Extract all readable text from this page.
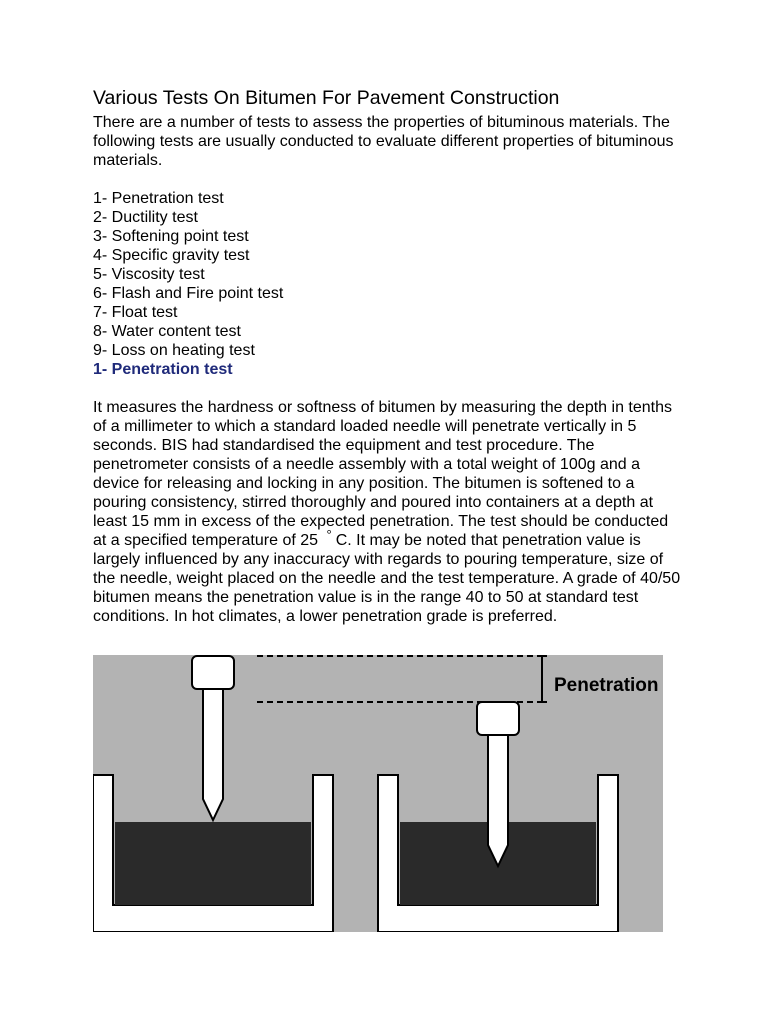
Various Tests On Bitumen For Pavement Construction

There are a number of tests to assess the properties of bituminous materials. The following tests are usually conducted to evaluate different properties of bituminous materials.

1- Penetration test
2- Ductility test
3- Softening point test
4- Specific gravity test
5- Viscosity test
6- Flash and Fire point test
7- Float test
8- Water content test
9- Loss on heating test
1- Penetration test

It measures the hardness or softness of bitumen by measuring the depth in tenths of a millimeter to which a standard loaded needle will penetrate vertically in 5 seconds. BIS had standardised the equipment and test procedure. The penetrometer consists of a needle assembly with a total weight of 100g and a device for releasing and locking in any position. The bitumen is softened to a pouring consistency, stirred thoroughly and poured into containers at a depth at least 15 mm in excess of the expected penetration. The test should be conducted at a specified temperature of 25 ° C. It may be noted that penetration value is largely influenced by any inaccuracy with regards to pouring temperature, size of the needle, weight placed on the needle and the test temperature. A grade of 40/50 bitumen means the penetration value is in the range 40 to 50 at standard test conditions. In hot climates, a lower penetration grade is preferred.

Penetration
